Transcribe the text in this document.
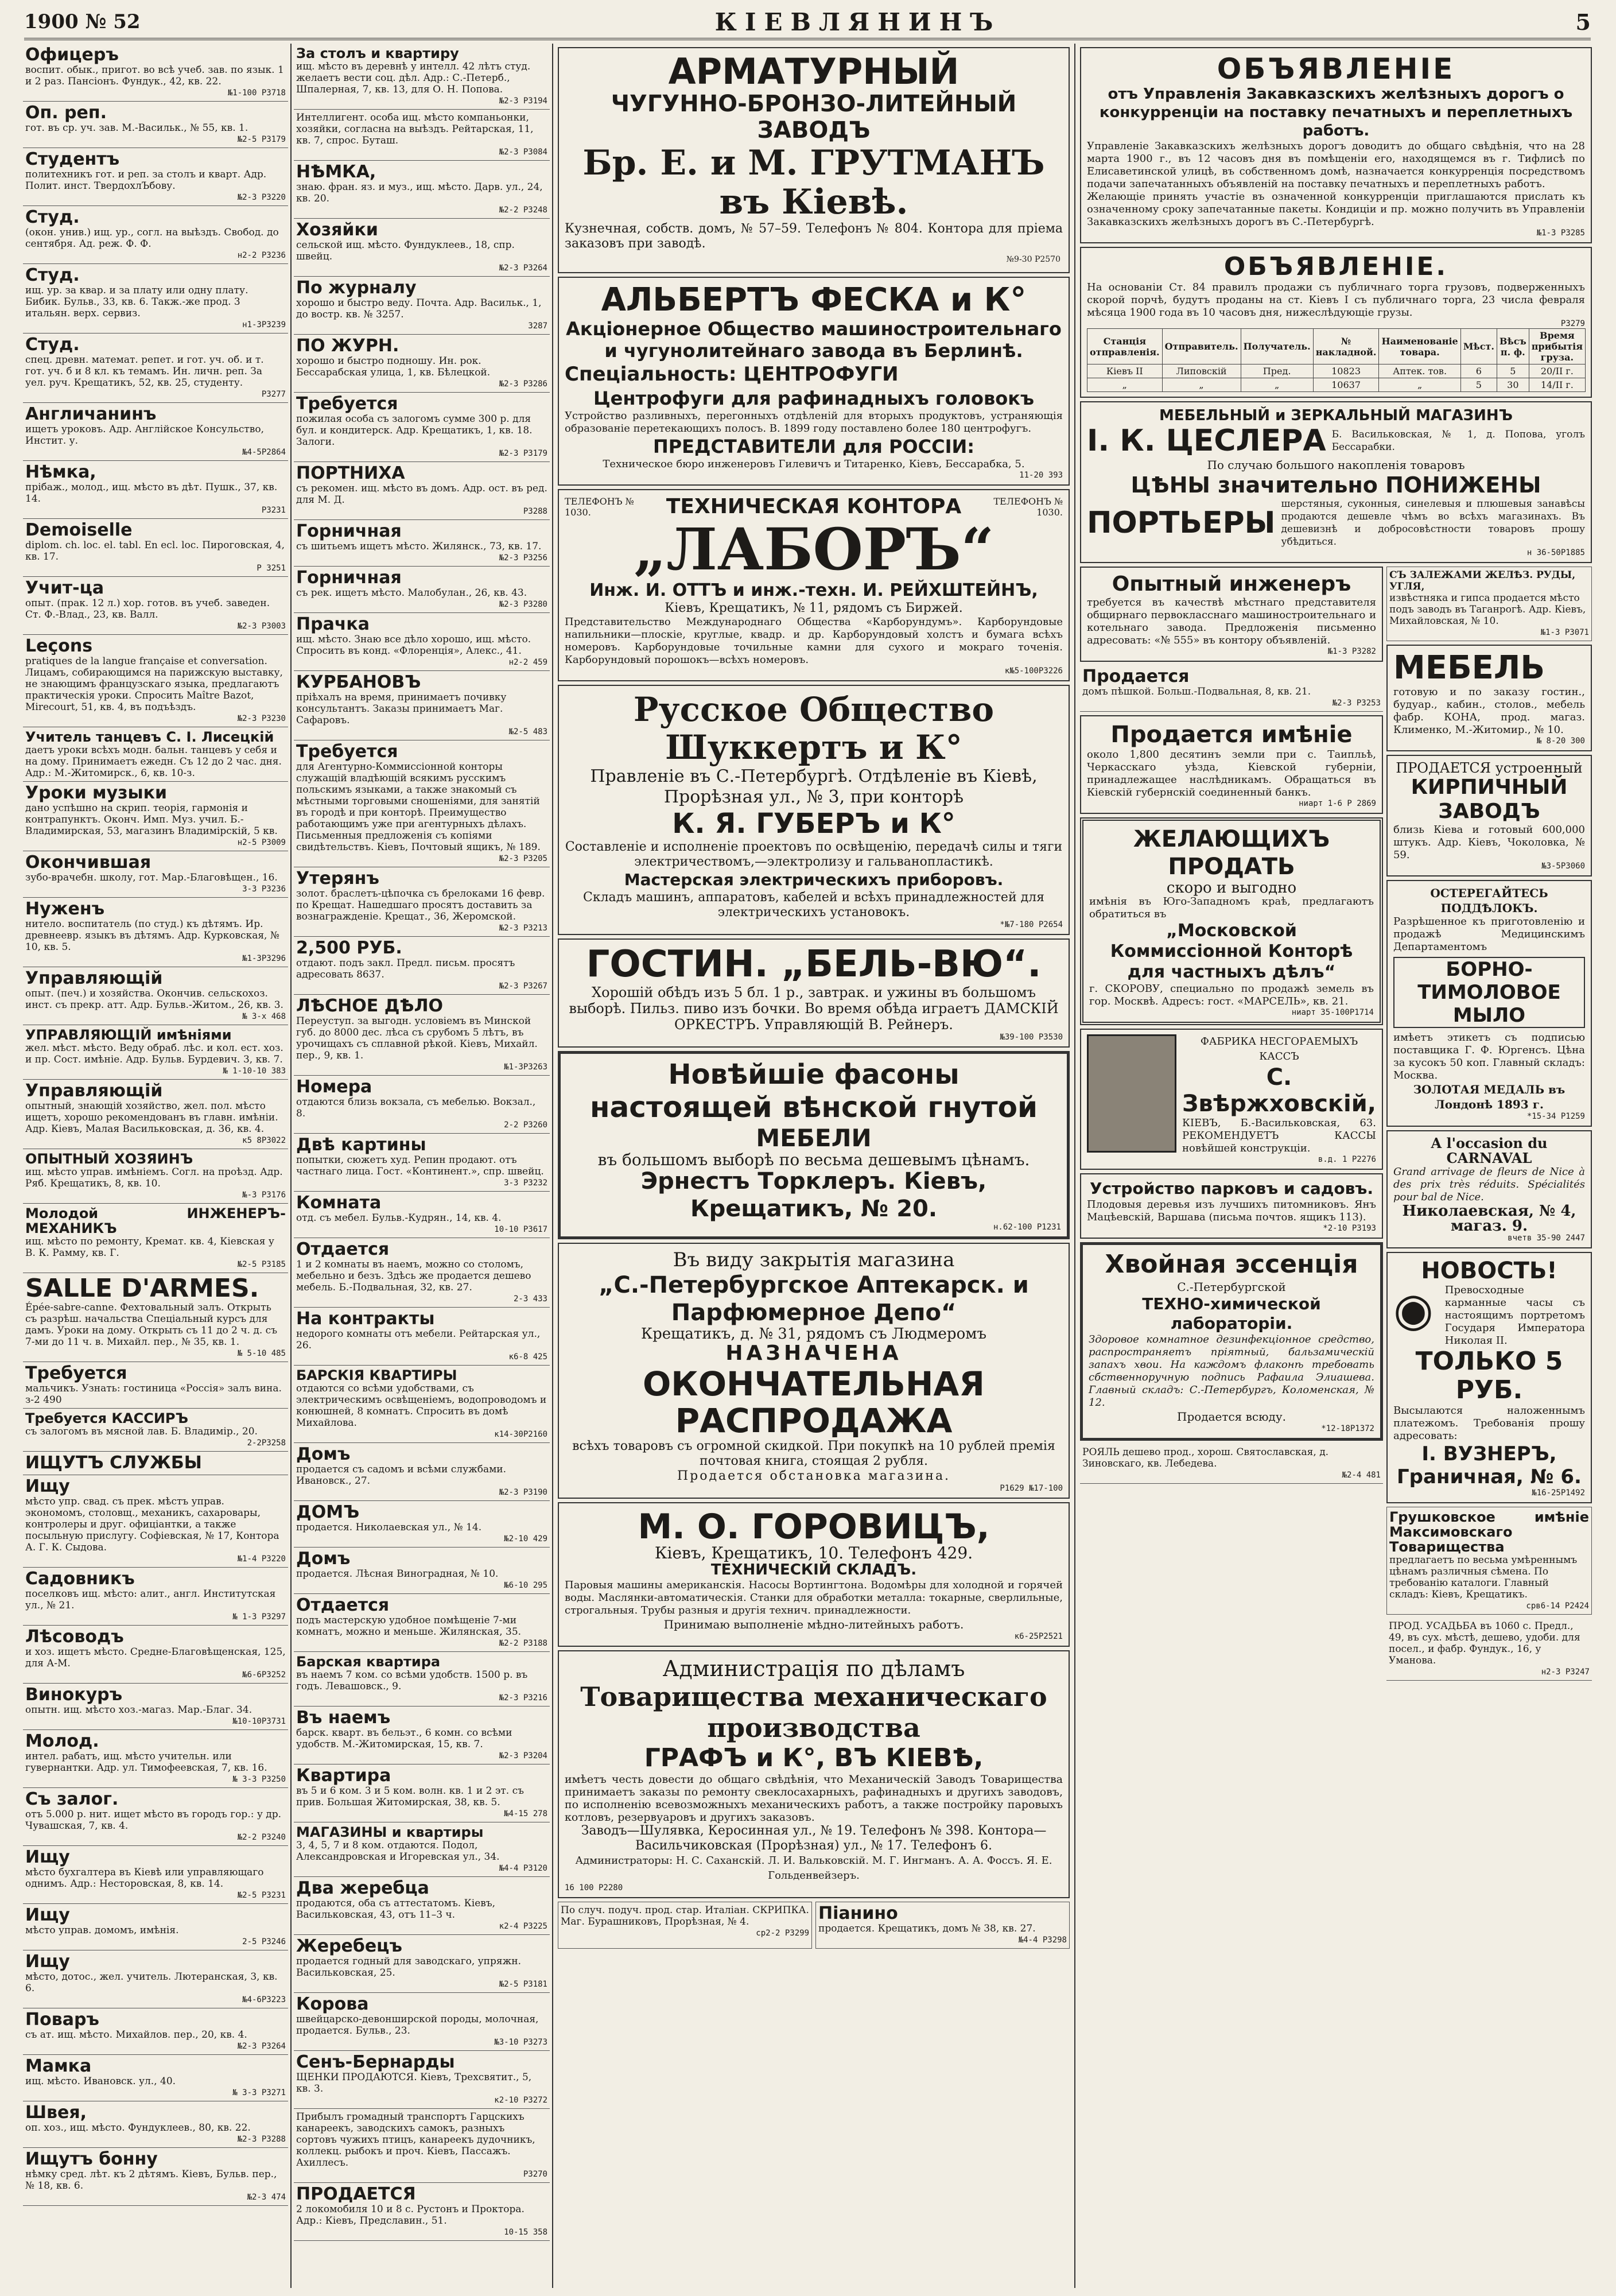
1900 № 52	КІЕВЛЯНИНЪ	5
Офицеръ
воспит. обык., пригот. во всѣ учеб. зав. по язык. 1 и 2 раз. Пансіонъ. Фундук., 42, кв. 22.
№1-100 Р3718
Оп. реп.
гот. въ ср. уч. зав. М.-Васильк., № 55, кв. 1.
№2-5 Р3179
Студентъ
политехникъ гот. и реп. за столъ и кварт. Адр. Полит. инст. ТвердохлЪбову.
№2-3 Р3220
Студ.
(окон. унив.) ищ. ур., согл. на выѣздъ. Свобод. до сентября. Ад. реж. Ф. Ф.
н2-2 Р3236
Студ.
ищ. ур. за квар. и за плату или одну плату. Бибик. Бульв., 33, кв. 6. Такж.-же прод. 3 итальян. верх. сервиз.
н1-3Р3239
Студ.
спец. древн. математ. репет. и гот. уч. об. и т. гот. уч. б и 8 кл. къ темамъ. Ин. личн. реп. За уел. руч. Крещатикъ, 52, кв. 25, студенту.
Р3277
Англичанинъ
ищетъ уроковъ. Адр. Англійское Консульство, Инстит. у.
№4-5Р2864
Нѣмка,
прібаж., молод., ищ. мѣсто въ дѣт. Пушк., 37, кв. 14.
Р3231
Demoiselle
diplom. ch. loc. el. tabl. En ecl. loc. Пироговская, 4, кв. 17.
Р 3251
Учит-ца
опыт. (прак. 12 л.) хор. готов. въ учеб. заведен. Ст. Ф.-Влад., 23, кв. Валл.
№2-3 Р3003
Leçons
pratiques de la langue française et conversation. Лицамъ, собирающимся на парижскую выставку, не знающимъ французскаго языка, предлагаютъ практическія уроки. Спросить Maître Bazot, Mirecourt, 51, кв. 4, въ подъѣздъ.
№2-3 Р3230
Учитель танцевъ С. I. Лисецкій
даетъ уроки всѣхъ модн. бальн. танцевъ у себя и на дому. Принимаетъ ежедн. Съ 12 до 2 час. дня. Адр.: М.-Житомирск., 6, кв. 10-з.
Уроки музыки
дано успѣшно на скрип. теорія, гармонія и контрапунктъ. Оконч. Имп. Муз. учил. Б.-Владимирская, 53, магазинъ Владимірскій, 5 кв.
н2-5 Р3009
Окончившая
зубо-врачебн. школу, гот. Мар.-Благовѣщен., 16.
3-3 Р3236
Нуженъ
нитело. воспитатель (по студ.) къ дѣтямъ. Ир. древнеевр. языкъ въ дѣтямъ. Адр. Курковская, № 10, кв. 5.
№1-3Р3296
Управляющій
опыт. (печ.) и хозяйства. Окончив. сельскохоз. инст. съ прекр. атт. Адр. Бульв.-Житом., 26, кв. 3.
№ 3-х 468
УПРАВЛЯЮЩІЙ имѣніями
жел. мѣст. мѣсто. Веду обраб. лѣс. и кол. ест. хоз. и пр. Сост. имѣніе. Адр. Бульв. Бурдевич. 3, кв. 7.
№ 1-10-10 383
Управляющій
опытный, знающій хозяйство, жел. пол. мѣсто ищетъ, хорошо рекомендованъ въ главн. имѣніи. Адр. Кіевъ, Малая Васильковская, д. 36, кв. 4.
к5 8Р3022
ОПЫТНЫЙ ХОЗЯИНЪ
ищ. мѣсто управ. имѣніемъ. Согл. на проѣзд. Адр. Ряб. Крещатикъ, 8, кв. 10.
№-3 Р3176
Молодой ИНЖЕНЕРЪ-МЕХАНИКЪ
ищ. мѣсто по ремонту, Кремат. кв. 4, Кіевская у В. К. Рамму, кв. Г.
№2-5 Р3185
SALLE D'ARMES.
Épée-sabre-canne. Фехтовальный залъ. Открыть съ разрѣш. начальства Спеціальный курсъ для дамъ. Уроки на дому. Открыть съ 11 до 2 ч. д. съ 7-ми до 11 ч. в. Михайл. пер., № 35, кв. 1.
№ 5-10 485
Требуется
мальчикъ. Узнать: гостиница «Россія» залъ вина. з-2 490
Требуется КАССИРЪ
съ залогомъ въ мясной лав. Б. Владимір., 20.
2-2Р3258
ИЩУТЪ СЛУЖБЫ
Ищу
мѣсто упр. свад. съ прек. мѣстъ управ. экономомъ, столовщ., механикъ, сахаровары, контролеры и друг. офиціантки, а также посыльную прислугу. Софіевская, № 17, Контора А. Г. К. Сыдова.
№1-4 Р3220
Садовникъ
поселковъ ищ. мѣсто: алит., англ. Институтская ул., № 21.
№ 1-3 Р3297
Лѣсоводъ
и хоз. ищетъ мѣсто. Средне-Благовѣщенская, 125, для А-М.
№6-6Р3252
Винокуръ
опытн. ищ. мѣсто хоз.-магаз. Мар.-Благ. 34.
№10-10Р3731
Молод.
интел. рабатъ, ищ. мѣсто учительн. или гувернантки. Адр. ул. Тимофеевская, 7, кв. 16.
№ 3-3 Р3250
Съ залог.
отъ 5.000 р. нит. ищет мѣсто въ городъ гор.: у др. Чувашская, 7, кв. 4.
№2-2 Р3240
Ищу
мѣсто бухгалтера въ Кіевѣ или управляющаго однимъ. Адр.: Несторовская, 8, кв. 14.
№2-5 Р3231
Ищу
мѣсто управ. домомъ, имѣнія.
2-5 Р3246
Ищу
мѣсто, дотос., жел. учитель. Лютеранская, 3, кв. 6.
№4-6Р3223
Поваръ
съ ат. ищ. мѣсто. Михайлов. пер., 20, кв. 4.
№2-3 Р3264
Мамка
ищ. мѣсто. Ивановск. ул., 40.
№ 3-3 Р3271
Швея,
оп. хоз., ищ. мѣсто. Фундуклеев., 80, кв. 22.
№2-3 Р3288
Ищутъ бонну
нѣмку сред. лѣт. къ 2 дѣтямъ. Кіевъ, Бульв. пер., № 18, кв. 6.
№2-3 474
За столъ и квартиру
ищ. мѣсто въ деревнѣ у интелл. 42 лѣтъ студ. желаетъ вести соц. дѣл. Адр.: С.-Петерб., Шпалерная, 7, кв. 13, для О. Н. Попова.
№2-3 Р3194
Интеллигент. особа ищ. мѣсто компаньонки, хозяйки, согласна на выѣздъ. Рейтарская, 11, кв. 7, спрос. Буташ.
№2-3 Р3084
НѢМКА,
знаю. фран. яз. и муз., ищ. мѣсто. Дарв. ул., 24, кв. 20.
№2-2 Р3248
Хозяйки
сельской ищ. мѣсто. Фундуклеев., 18, спр. швейц.
№2-3 Р3264
По журналу
хорошо и быстро веду. Почта. Адр. Васильк., 1, до востр. кв. № 3257.
3287
ПО ЖУРН.
хорошо и быстро подношу. Ин. рок. Бессарабская улица, 1, кв. Бѣлецкой.
№2-3 Р3286
Требуется
пожилая особа съ залогомъ сумме 300 р. для бул. и кондитерск. Адр. Крещатикъ, 1, кв. 18. Залоги.
№2-3 Р3179
ПОРТНИХА
съ рекомен. ищ. мѣсто въ домъ. Адр. ост. въ ред. для М. Д.
Р3288
Горничная
съ шитьемъ ищетъ мѣсто. Жилянск., 73, кв. 17.
№2-3 Р3256
Горничная
съ рек. ищетъ мѣсто. Малобулан., 26, кв. 43.
№2-3 Р3280
Прачка
ищ. мѣсто. Знаю все дѣло хорошо, ищ. мѣсто. Спросить въ конд. «Флоренція», Алекс., 41.
н2-2 459
КУРБАНОВЪ
пріѣхалъ на время, принимаетъ почивку консультантъ. Заказы принимаетъ Маг. Сафаровъ.
№2-5 483
Требуется
для Агентурно-Коммиссіонной конторы служащій владѣющій всякимъ русскимъ польскимъ языками, а также знакомый съ мѣстными торговыми сношеніями, для занятій въ городѣ и при конторѣ. Преимущество работающимъ уже при агентурныхъ дѣлахъ. Письменныя предложенія съ копіями свидѣтельствъ. Кіевъ, Почтовый ящикъ, № 189.
№2-3 Р3205
Утерянъ
золот. браслетъ-цѣпочка съ брелоками 16 февр. по Крещат. Нашедшаго просятъ доставить за вознагражденіе. Крещат., 36, Жеромской.
№2-3 Р3213
2,500 РУБ.
отдают. подъ закл. Предл. письм. просятъ адресовать 8637.
№2-3 Р3267
ЛѢСНОЕ ДѢЛО
Переуступ. за выгодн. условіемъ въ Минской губ. до 8000 дес. лѣса съ срубомъ 5 лѣтъ, въ урочищахъ съ сплавной рѣкой. Кіевъ, Михайл. пер., 9, кв. 1.
№1-3Р3263
Номера
отдаются близь вокзала, съ мебелью. Вокзал., 8.
2-2 Р3260
Двѣ картины
попытки, сюжетъ худ. Репин продают. отъ частнаго лица. Гост. «Континент.», спр. швейц.
3-3 Р3232
Комната
отд. съ мебел. Бульв.-Кудрян., 14, кв. 4.
10-10 Р3617
Отдается
1 и 2 комнаты въ наемъ, можно со столомъ, мебельно и безъ. Здѣсь же продается дешево мебель. Б.-Подвальная, 32, кв. 27.
2-3 433
На контракты
недорого комнаты отъ мебели. Рейтарская ул., 26.
к6-8 425
БАРСКІЯ КВАРТИРЫ
отдаются со всѣми удобствами, съ электрическимъ освѣщеніемъ, водопроводомъ и конюшней, 8 комнатъ. Спросить въ домѣ Михайлова.
к14-30Р2160
Домъ
продается съ садомъ и всѣми службами. Ивановск., 27.
№2-3 Р3190
ДОМЪ
продается. Николаевская ул., № 14.
№2-10 429
Домъ
продается. Лѣсная Виноградная, № 10.
№6-10 295
Отдается
подъ мастерскую удобное помѣщеніе 7-ми комнатъ, можно и меньше. Жилянская, 35.
№2-2 Р3188
Барская квартира
въ наемъ 7 ком. со всѣми удобств. 1500 р. въ годъ. Левашовск., 9.
№2-3 Р3216
Въ наемъ
барск. кварт. въ бельэт., 6 комн. со всѣми удобств. М.-Житомирская, 15, кв. 7.
№2-3 Р3204
Квартира
въ 5 и 6 ком. 3 и 5 ком. волн. кв. 1 и 2 эт. съ прив. Большая Житомирская, 38, кв. 5.
№4-15 278
МАГАЗИНЫ и квартиры
3, 4, 5, 7 и 8 ком. отдаются. Подол, Александровская и Игоревская ул., 34.
№4-4 Р3120
Два жеребца
продаются, оба съ аттестатомъ. Кіевъ, Васильковская, 43, отъ 11–3 ч.
к2-4 Р3225
Жеребецъ
продается годный для заводскаго, упряжн. Васильковская, 25.
№2-5 Р3181
Корова
швейцарско-девонширской породы, молочная, продается. Бульв., 23.
№3-10 Р3273
Сенъ-Бернарды
ЩЕНКИ ПРОДАЮТСЯ. Кіевъ, Трехсвятит., 5, кв. 3.
к2-10 Р3272
Прибылъ громадный транспортъ Гарцскихъ канареекъ, заводскихъ самокъ, разныхъ сортовъ чужихъ птицъ, канареекъ дудочникъ, коллекц. рыбокъ и проч. Кіевъ, Пассажъ. Ахиллесъ.
Р3270
ПРОДАЕТСЯ
2 локомобиля 10 и 8 с. Рустонъ и Проктора. Адр.: Кіевъ, Предславин., 51.
10-15 358
АРМАТУРНЫЙ
ЧУГУННО-БРОНЗО-ЛИТЕЙНЫЙ ЗАВОДЪ
Бр. Е. и М. ГРУТМАНЪ въ Кіевѣ.
Кузнечная, собств. домъ, № 57–59. Телефонъ № 804. Контора для пріема заказовъ при заводѣ.
№9-30 Р2570
АЛЬБЕРТЪ ФЕСКА и К°
Акціонерное Общество машиностроительнаго и чугунолитейнаго завода въ Берлинѣ.
Спеціальность: ЦЕНТРОФУГИ
Центрофуги для рафинадныхъ головокъ
Устройство разливныхъ, перегонныхъ отдѣленій для вторыхъ продуктовъ, устраняющія образованіе перетекающихъ полосъ. В. 1899 году поставлено более 180 центрофугъ.
ПРЕДСТАВИТЕЛИ для РОССІИ:
Техническое бюро инженеровъ Гилевичъ и Титаренко, Кіевъ, Бессарабка, 5.
11-20 393
ТЕЛЕФОНЪ № 1030.	ТЕХНИЧЕСКАЯ КОНТОРА	ТЕЛЕФОНЪ № 1030.
„ЛАБОРЪ“
Инж. И. ОТТЪ и инж.-техн. И. РЕЙХШТЕЙНЪ,
Кіевъ, Крещатикъ, № 11, рядомъ съ Биржей.
Представительство Международнаго Общества «Карборундумъ». Карборундовые напильники—плоскіе, круглые, квадр. и др. Карборундовый холстъ и бумага всѣхъ номеровъ. Карборундовые точильные камни для сухого и мокраго точенія. Карборундовый порошокъ—всѣхъ номеровъ.
к№5-100Р3226
Русское Общество Шуккертъ и К°
Правленіе въ С.-Петербургѣ. Отдѣленіе въ Кіевѣ,
Прорѣзная ул., № 3, при конторѣ
К. Я. ГУБЕРЪ и К°
Составленіе и исполненіе проектовъ по освѣщенію, передачѣ силы и тяги электричествомъ,—электролизу и гальванопластикѣ.
Мастерская электрическихъ приборовъ.
Складъ машинъ, аппаратовъ, кабелей и всѣхъ принадлежностей для электрическихъ установокъ.
*№7-180 Р2654
ГОСТИН. „БЕЛЬ-ВЮ“.
Хорошій обѣдъ изъ 5 бл. 1 р., завтрак. и ужины въ большомъ выборѣ. Пильз. пиво изъ бочки. Во время обѣда играетъ ДАМСКІЙ ОРКЕСТРЪ. Управляющій В. Рейнеръ.
№39-100 Р3530
Новѣйшіе фасоны
настоящей вѣнской гнутой
МЕБЕЛИ
въ большомъ выборѣ по весьма дешевымъ цѣнамъ.
Эрнестъ Торклеръ. Кіевъ, Крещатикъ, № 20.
н.62-100 Р1231
Въ виду закрытія магазина
„С.-Петербургское Аптекарск. и Парфюмерное Депо“
Крещатикъ, д. № 31, рядомъ съ Людмеромъ
НАЗНАЧЕНА
ОКОНЧАТЕЛЬНАЯ РАСПРОДАЖА
всѣхъ товаровъ съ огромной скидкой. При покупкѣ на 10 рублей премія почтовая книга, стоящая 2 рубля.
Продается обстановка магазина.
Р1629 №17-100
М. О. ГОРОВИЦЪ,
Кіевъ, Крещатикъ, 10. Телефонъ 429.
ТЕХНИЧЕСКІЙ СКЛАДЪ.
Паровыя машины американскія. Насосы Вортингтона. Водомѣры для холодной и горячей воды. Маслянки-автоматическія. Станки для обработки металла: токарные, сверлильные, строгальныя. Трубы разныя и другія технич. принадлежности.
Принимаю выполненіе мѣдно-литейныхъ работъ.
к6-25Р2521
Администрація по дѣламъ
Товарищества механическаго производства
ГРАФЪ и К°, ВЪ КІЕВѢ,
имѣетъ честь довести до общаго свѣдѣнія, что Механическій Заводъ Товарищества принимаетъ заказы по ремонту свеклосахарныхъ, рафинадныхъ и другихъ заводовъ, по исполненію всевозможныхъ механическихъ работъ, а также постройку паровыхъ котловъ, резервуаровъ и другихъ заказовъ.
Заводъ—Шулявка, Керосинная ул., № 19. Телефонъ № 398. Контора—Васильчиковская (Прорѣзная) ул., № 17. Телефонъ 6.
Администраторы: Н. С. Саханскій. Л. И. Вальковскій. М. Г. Ингманъ. А. А. Фоссъ. Я. Е. Гольденвейзеръ.
16 100 Р2280
По случ. подуч. прод. стар. Италіан. СКРИПКА. Маг. Бурашниковъ, Прорѣзная, № 4.
ср2-2 Р3299
Піанино
продается. Крещатикъ, домъ № 38, кв. 27.
№4-4 Р3298
ОБЪЯВЛЕНІЕ
отъ Управленія Закавказскихъ желѣзныхъ дорогъ о конкурренціи на поставку печатныхъ и переплетныхъ работъ.
Управленіе Закавказскихъ желѣзныхъ дорогъ доводитъ до общаго свѣдѣнія, что на 28 марта 1900 г., въ 12 часовъ дня въ помѣщеніи его, находящемся въ г. Тифлисѣ по Елисаветинской улицѣ, въ собственномъ домѣ, назначается конкурренція посредствомъ подачи запечатанныхъ объявленій на поставку печатныхъ и переплетныхъ работъ.
Желающіе принять участіе въ означенной конкурренціи приглашаются прислать къ означенному сроку запечатанные пакеты. Кондиціи и пр. можно получить въ Управленіи Закавказскихъ желѣзныхъ дорогъ въ С.-Петербургѣ.
№1-3 Р3285
ОБЪЯВЛЕНІЕ.
На основаніи Ст. 84 правилъ продажи съ публичнаго торга грузовъ, подверженныхъ скорой порчѣ, будутъ проданы на ст. Кіевъ I съ публичнаго торга, 23 числа февраля мѣсяца 1900 года въ 10 часовъ дня, нижеслѣдующіе грузы.
Р3279
Станція отправленія.	Отправитель.	Получатель.	№ накладной.	Наименованіе товара.	Мѣст.	Вѣсъ п. ф.	Время прибытія груза.
Кіевъ II	Липовскій	Пред.	10823	Аптек. тов.	6	5	20/II г.
„	„	„	10637	„	5	30	14/II г.
МЕБЕЛЬНЫЙ и ЗЕРКАЛЬНЫЙ МАГАЗИНЪ
I. К. ЦЕСЛЕРА Б. Васильковская, № 1, д. Попова, уголъ Бессарабки.
По случаю большого накопленія товаровъ
ЦѢНЫ значительно ПОНИЖЕНЫ
ПОРТЬЕРЫ
шерстяныя, суконныя, синелевыя и плюшевыя занавѣсы продаются дешевле чѣмъ во всѣхъ магазинахъ. Въ дешевизнѣ и добросовѣстности товаровъ прошу убѣдиться.
н 36-50Р1885
Опытный инженеръ
требуется въ качествѣ мѣстнаго представителя общирнаго первокласснаго машиностроительнаго и котельнаго завода. Предложенія письменно адресовать: «№ 555» въ контору объявленій.
№1-3 Р3282
Продается
домъ пѣшкой. Больш.-Подвальная, 8, кв. 21.
№2-3 Р3253
Продается имѣніе
около 1,800 десятинъ земли при с. Таипльѣ, Черкасскаго уѣзда, Кіевской губерніи, принадлежащее наслѣдникамъ. Обращаться въ Кіевскій губернскій соединенный банкъ.
ниарт 1-6 Р 2869
ЖЕЛАЮЩИХЪ ПРОДАТЬ
скоро и выгодно
имѣнія въ Юго-Западномъ краѣ, предлагаютъ обратиться въ
„Московской Коммиссіонной Конторѣ для частныхъ дѣлъ“
г. СКОРОВУ, специально по продажѣ земель въ гор. Москвѣ. Адресъ: гост. «МАРСЕЛЬ», кв. 21.
ниарт 35-100Р1714
ФАБРИКА НЕСГОРАЕМЫХЪ КАССЪ
С. Звѣржховскій,
КІЕВЪ, Б.-Васильковская, 63. РЕКОМЕНДУЕТЪ КАССЫ новѣйшей конструкціи.
в.д. 1 Р2276
Устройство парковъ и садовъ.
Плодовыя деревья изъ лучшихъ питомниковъ. Янъ Мацѣевскій, Варшава (письма почтов. ящикъ 113).
*2-10 Р3193
Хвойная эссенція
С.-Петербургской
ТЕХНО-химической лабораторіи.
Здоровое комнатное дезинфекціонное средство, распространяетъ пріятный, бальзамическій запахъ хвои. На каждомъ флаконѣ требовать сбственноручную подпись Рафаила Элиашева. Главный складъ: С.-Петербургъ, Коломенская, № 12.
Продается всюду.
*12-18Р1372
РОЯЛЬ дешево прод., хорош. Святославская, д. Зиновскаго, кв. Лебедева.
№2-4 481
СЪ ЗАЛЕЖАМИ ЖЕЛѢЗ. РУДЫ, УГЛЯ,
извѣстняка и гипса продается мѣсто подъ заводъ въ Таганрогѣ. Адр. Кіевъ, Михайловская, № 10.
№1-3 Р3071
МЕБЕЛЬ
готовую и по заказу гостин., будуар., кабин., столов., мебель фабр. КОНА, прод. магаз. Клименко, М.-Житомир., № 10.
№ 8-20 300
ПРОДАЕТСЯ устроенный
КИРПИЧНЫЙ ЗАВОДЪ
близь Кіева и готовый 600,000 штукъ. Адр. Кіевъ, Чоколовка, № 59.
№3-5Р3060
ОСТЕРЕГАЙТЕСЬ ПОДДѢЛОКЪ.
Разрѣшенное къ приготовленію и продажѣ Медицинскимъ Департаментомъ
БОРНО-ТИМОЛОВОЕ МЫЛО
имѣетъ этикетъ съ подписью поставщика Г. Ф. Юргенсъ. Цѣна за кусокъ 50 коп. Главный складъ: Москва.
ЗОЛОТАЯ МЕДАЛЬ въ Лондонѣ 1893 г.
*15-34 Р1259
A l'occasion du CARNAVAL
Grand arrivage de fleurs de Nice à des prix très réduits. Spécialités pour bal de Nice.
Николаевская, № 4, магаз. 9.
вчетв 35-90 2447
НОВОСТЬ!
◉ Превосходные карманные часы съ настоящимъ портретомъ Государя Императора Николая II.
ТОЛЬКО 5 РУБ.
Высылаются наложеннымъ платежомъ. Требованія прошу адресовать:
I. ВУЗНЕРЪ, Граничная, № 6.
№16-25Р1492
Грушковское имѣніе Максимовскаго Товарищества
предлагаетъ по весьма умѣреннымъ цѣнамъ различныя сѣмена. По требованію каталоги. Главный складъ: Кіевъ, Крещатикъ.
срв6-14 Р2424
ПРОД. УСАДЬБА въ 1060 с. Предл., 49, въ сух. мѣстѣ, дешево, удоби. для посел., и фабр. Фундук., 16, у Уманова.
н2-3 Р3247
